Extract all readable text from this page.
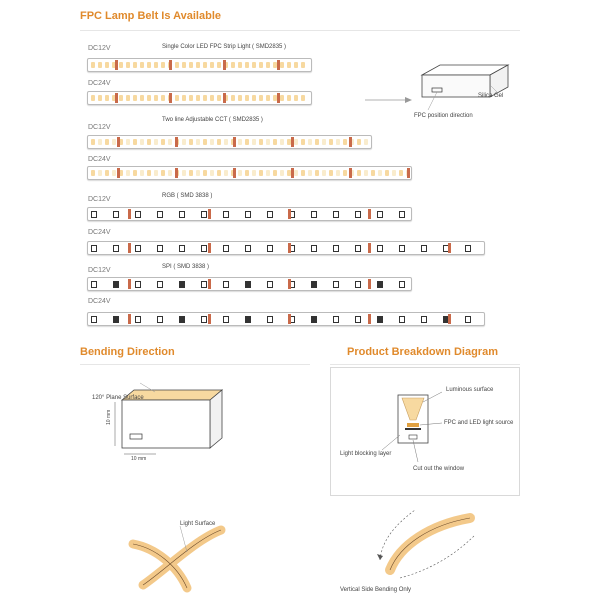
FPC Lamp Belt Is Available
DC12V	Single Color LED FPC Strip Light ( SMD2835 )
DC24V
Silica Gel
FPC position direction
DC12V
Two line Adjustable CCT ( SMD2835 )
DC24V
DC12V	RGB ( SMD 3838 )
DC24V
DC12V	SPI ( SMD 3838 )
DC24V
Bending Direction
120° Plane Surface
10 mm
10 mm
Light Surface
Product Breakdown Diagram
Luminous surface
FPC and LED light source
Light blocking layer
Cut out the window
Vertical Side Bending Only
